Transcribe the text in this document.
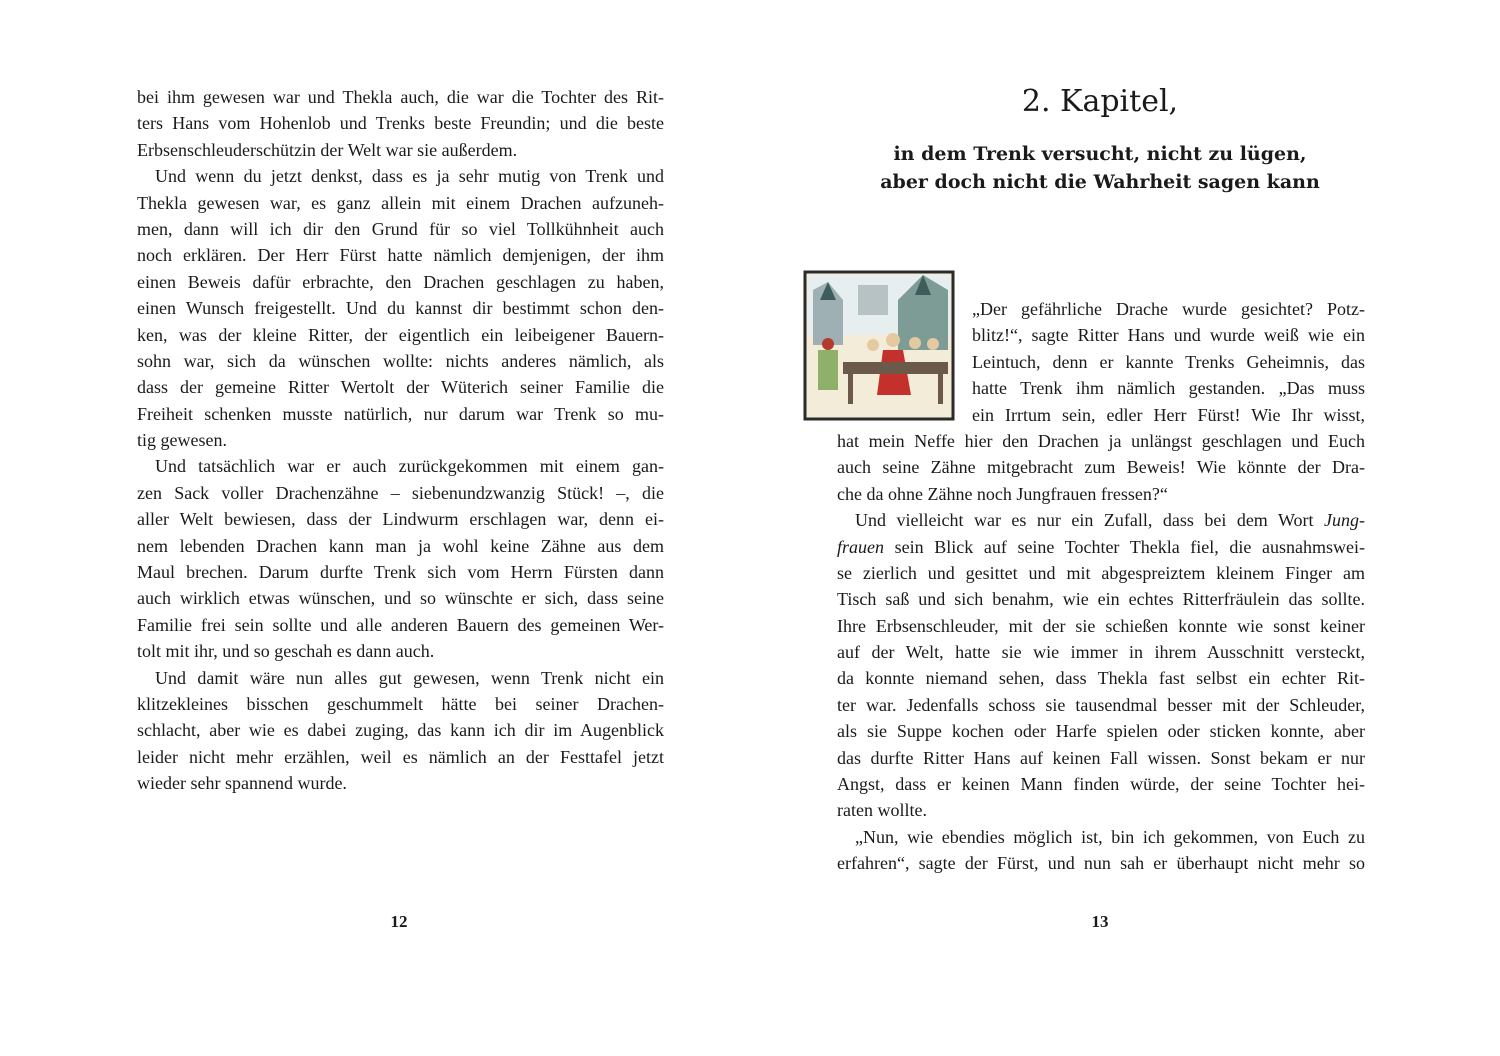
bei ihm gewesen war und Thekla auch, die war die Tochter des Rit-
ters Hans vom Hohenlob und Trenks beste Freundin; und die beste
Erbsenschleuderschützin der Welt war sie außerdem.
Und wenn du jetzt denkst, dass es ja sehr mutig von Trenk und
Thekla gewesen war, es ganz allein mit einem Drachen aufzuneh-
men, dann will ich dir den Grund für so viel Tollkühnheit auch
noch erklären. Der Herr Fürst hatte nämlich demjenigen, der ihm
einen Beweis dafür erbrachte, den Drachen geschlagen zu haben,
einen Wunsch freigestellt. Und du kannst dir bestimmt schon den-
ken, was der kleine Ritter, der eigentlich ein leibeigener Bauern-
sohn war, sich da wünschen wollte: nichts anderes nämlich, als
dass der gemeine Ritter Wertolt der Wüterich seiner Familie die
Freiheit schenken musste natürlich, nur darum war Trenk so mu-
tig gewesen.
Und tatsächlich war er auch zurückgekommen mit einem gan-
zen Sack voller Drachenzähne – siebenundzwanzig Stück! –, die
aller Welt bewiesen, dass der Lindwurm erschlagen war, denn ei-
nem lebenden Drachen kann man ja wohl keine Zähne aus dem
Maul brechen. Darum durfte Trenk sich vom Herrn Fürsten dann
auch wirklich etwas wünschen, und so wünschte er sich, dass seine
Familie frei sein sollte und alle anderen Bauern des gemeinen Wer-
tolt mit ihr, und so geschah es dann auch.
Und damit wäre nun alles gut gewesen, wenn Trenk nicht ein
klitzekleines bisschen geschummelt hätte bei seiner Drachen-
schlacht, aber wie es dabei zuging, das kann ich dir im Augenblick
leider nicht mehr erzählen, weil es nämlich an der Festtafel jetzt
wieder sehr spannend wurde.
12	13
2. Kapitel,
in dem Trenk versucht, nicht zu lügen,
aber doch nicht die Wahrheit sagen kann
„Der gefährliche Drache wurde gesichtet? Potz-
blitz!“, sagte Ritter Hans und wurde weiß wie ein
Leintuch, denn er kannte Trenks Geheimnis, das
hatte Trenk ihm nämlich gestanden. „Das muss
ein Irrtum sein, edler Herr Fürst! Wie Ihr wisst,
hat mein Neffe hier den Drachen ja unlängst geschlagen und Euch
auch seine Zähne mitgebracht zum Beweis! Wie könnte der Dra-
che da ohne Zähne noch Jungfrauen fressen?“
Und vielleicht war es nur ein Zufall, dass bei dem Wort Jung-
frauen sein Blick auf seine Tochter Thekla fiel, die ausnahmswei-
se zierlich und gesittet und mit abgespreiztem kleinem Finger am
Tisch saß und sich benahm, wie ein echtes Ritterfräulein das sollte.
Ihre Erbsenschleuder, mit der sie schießen konnte wie sonst keiner
auf der Welt, hatte sie wie immer in ihrem Ausschnitt versteckt,
da konnte niemand sehen, dass Thekla fast selbst ein echter Rit-
ter war. Jedenfalls schoss sie tausendmal besser mit der Schleuder,
als sie Suppe kochen oder Harfe spielen oder sticken konnte, aber
das durfte Ritter Hans auf keinen Fall wissen. Sonst bekam er nur
Angst, dass er keinen Mann finden würde, der seine Tochter hei-
raten wollte.
„Nun, wie ebendies möglich ist, bin ich gekommen, von Euch zu
erfahren“, sagte der Fürst, und nun sah er überhaupt nicht mehr so
